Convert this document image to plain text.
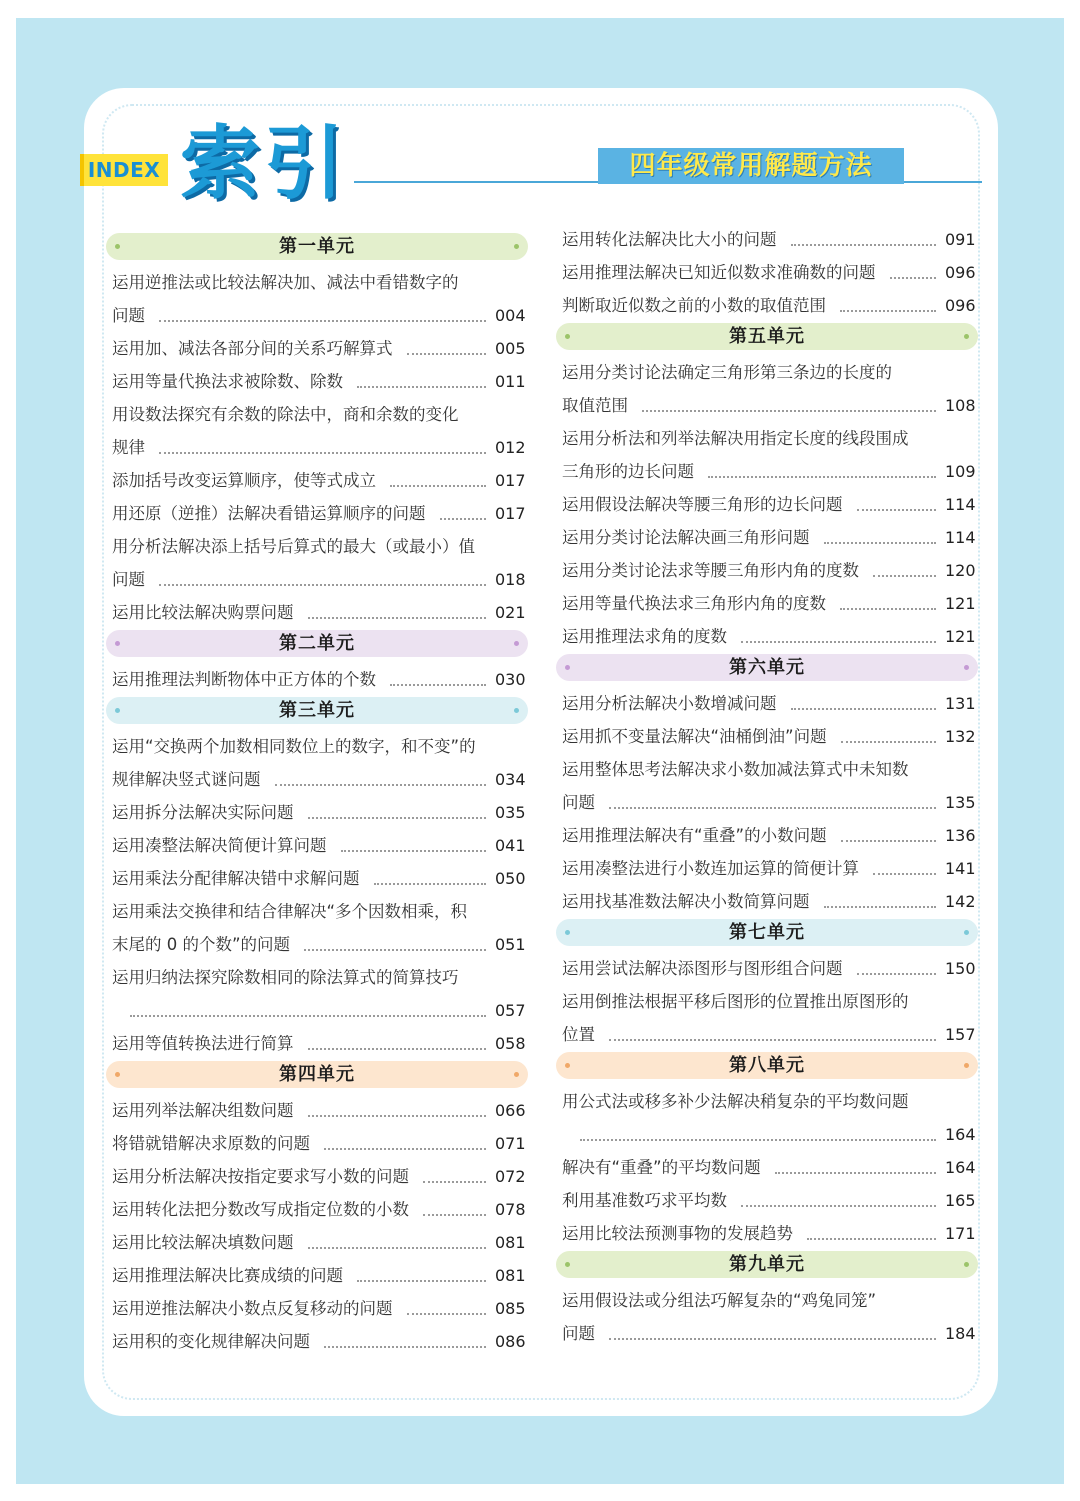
INDEX 索引	四年级常用解题方法
第一单元
运用逆推法或比较法解决加、减法中看错数字的
问题	004
运用加、减法各部分间的关系巧解算式	005
运用等量代换法求被除数、除数	011
用设数法探究有余数的除法中，商和余数的变化
规律	012
添加括号改变运算顺序，使等式成立	017
用还原（逆推）法解决看错运算顺序的问题	017
用分析法解决添上括号后算式的最大（或最小）值
问题	018
运用比较法解决购票问题	021
第二单元
运用推理法判断物体中正方体的个数	030
第三单元
运用“交换两个加数相同数位上的数字，和不变”的
规律解决竖式谜问题	034
运用拆分法解决实际问题	035
运用凑整法解决简便计算问题	041
运用乘法分配律解决错中求解问题	050
运用乘法交换律和结合律解决“多个因数相乘，积
末尾的 0 的个数”的问题	051
运用归纳法探究除数相同的除法算式的简算技巧
057
运用等值转换法进行简算	058
第四单元
运用列举法解决组数问题	066
将错就错解决求原数的问题	071
运用分析法解决按指定要求写小数的问题	072
运用转化法把分数改写成指定位数的小数	078
运用比较法解决填数问题	081
运用推理法解决比赛成绩的问题	081
运用逆推法解决小数点反复移动的问题	085
运用积的变化规律解决问题	086
运用转化法解决比大小的问题	091
运用推理法解决已知近似数求准确数的问题	096
判断取近似数之前的小数的取值范围	096
第五单元
运用分类讨论法确定三角形第三条边的长度的
取值范围	108
运用分析法和列举法解决用指定长度的线段围成
三角形的边长问题	109
运用假设法解决等腰三角形的边长问题	114
运用分类讨论法解决画三角形问题	114
运用分类讨论法求等腰三角形内角的度数	120
运用等量代换法求三角形内角的度数	121
运用推理法求角的度数	121
第六单元
运用分析法解决小数增减问题	131
运用抓不变量法解决“油桶倒油”问题	132
运用整体思考法解决求小数加减法算式中未知数
问题	135
运用推理法解决有“重叠”的小数问题	136
运用凑整法进行小数连加运算的简便计算	141
运用找基准数法解决小数简算问题	142
第七单元
运用尝试法解决添图形与图形组合问题	150
运用倒推法根据平移后图形的位置推出原图形的
位置	157
第八单元
用公式法或移多补少法解决稍复杂的平均数问题
164
解决有“重叠”的平均数问题	164
利用基准数巧求平均数	165
运用比较法预测事物的发展趋势	171
第九单元
运用假设法或分组法巧解复杂的“鸡兔同笼”
问题	184
